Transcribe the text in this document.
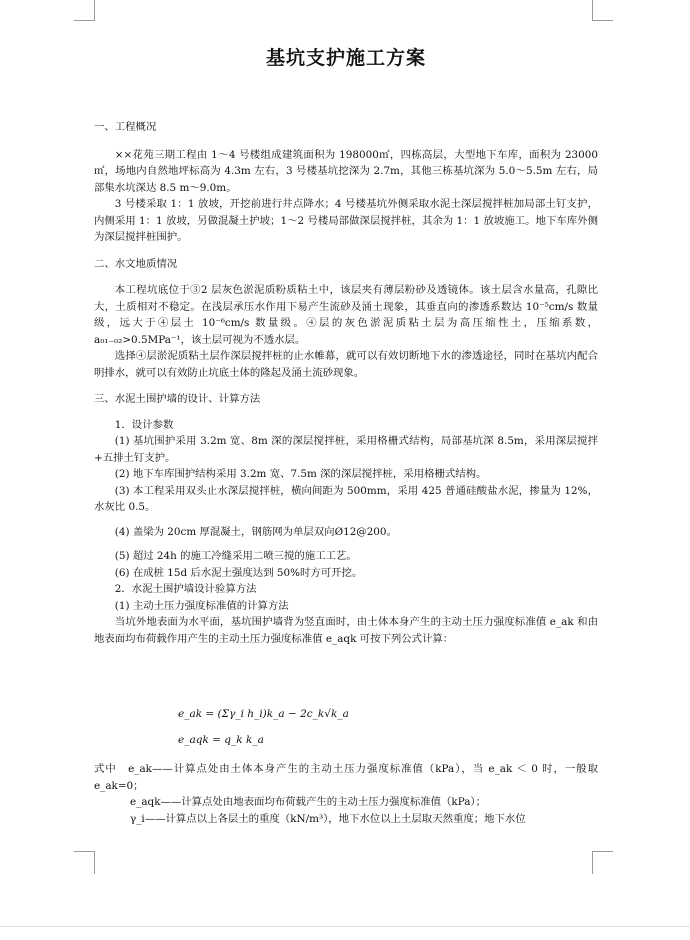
基坑支护施工方案

一、工程概况

××花苑三期工程由 1～4 号楼组成建筑面积为 198000㎡，四栋高层，大型地下车库，面积为 23000㎡，场地内自然地坪标高为 4.3m 左右，3 号楼基坑挖深为 2.7m，其他三栋基坑深为 5.0～5.5m 左右，局部集水坑深达 8.5 m～9.0m。

3 号楼采取 1：1 放坡，开挖前进行井点降水；4 号楼基坑外侧采取水泥土深层搅拌桩加局部土钉支护，内侧采用 1：1 放坡，另做混凝土护坡；1～2 号楼局部做深层搅拌桩，其余为 1：1 放坡施工。地下车库外侧为深层搅拌桩围护。

二、水文地质情况

本工程坑底位于③2 层灰色淤泥质粉质粘土中，该层夹有薄层粉砂及透镜体。该土层含水量高，孔隙比大，土质相对不稳定。在浅层承压水作用下易产生流砂及涌土现象，其垂直向的渗透系数达 10⁻⁵cm/s 数量级，远大于④层土 10⁻⁶cm/s 数量级。④层的灰色淤泥质粘土层为高压缩性土，压缩系数，a₀₁₋₀₂>0.5MPa⁻¹，该土层可视为不透水层。

选择④层淤泥质粘土层作深层搅拌桩的止水帷幕，就可以有效切断地下水的渗透途径，同时在基坑内配合明排水，就可以有效防止坑底土体的隆起及涌土流砂现象。

三、水泥土围护墙的设计、计算方法

1．设计参数

(1) 基坑围护采用 3.2m 宽、8m 深的深层搅拌桩，采用格栅式结构，局部基坑深 8.5m，采用深层搅拌+五排土钉支护。

(2) 地下车库围护结构采用 3.2m 宽、7.5m 深的深层搅拌桩，采用格栅式结构。

(3) 本工程采用双头止水深层搅拌桩，横向间距为 500mm，采用 425 普通硅酸盐水泥，掺量为 12%，水灰比 0.5。

(4) 盖梁为 20cm 厚混凝土，钢筋网为单层双向Ø12@200。

(5) 超过 24h 的施工冷缝采用二喷三搅的施工工艺。

(6) 在成桩 15d 后水泥土强度达到 50%时方可开挖。

2．水泥土围护墙设计验算方法

(1) 主动土压力强度标准值的计算方法

当坑外地表面为水平面，基坑围护墙背为竖直面时，由土体本身产生的主动土压力强度标准值 e_ak 和由地表面均布荷载作用产生的主动土压力强度标准值 e_aqk 可按下列公式计算：

e_ak = (Σγ_i h_i)k_a − 2c_k√k_a
e_aqk = q_k k_a

式中　e_ak——计算点处由土体本身产生的主动土压力强度标准值（kPa），当 e_ak ＜ 0 时，一般取 e_ak=0；

e_aqk——计算点处由地表面均布荷载产生的主动土压力强度标准值（kPa）；

γ_i——计算点以上各层土的重度（kN/m³），地下水位以上土层取天然重度；地下水位
